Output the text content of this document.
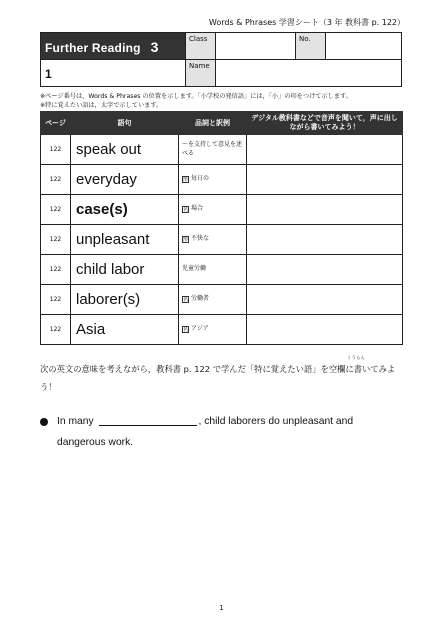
Words & Phrases 学習シート（3 年 教科書 p. 122）
Further Reading 3
1
Class	No.
Name
※ページ番号は，Words & Phrases の位置を示します。「小学校の発信語」には，「小」の印をつけて示します。
※特に覚えたい語は，太字で示しています。
ページ	語句	品詞と訳例	デジタル教科書などで音声を聞いて，声に出しながら書いてみよう！
122	speak out	～を支持して意見を述べる	
122	everyday	形 毎日の	
122	case(s)	名 場合	
122	unpleasant	形 不快な	
122	child labor	児童労働	
122	laborer(s)	名 労働者	
122	Asia	名 アジア	
くうらん
次の英文の意味を考えながら，教科書 p. 122 で学んだ「特に覚えたい語」を空欄に書いてみよう！
In many	, child laborers do unpleasant and
dangerous work.
1
